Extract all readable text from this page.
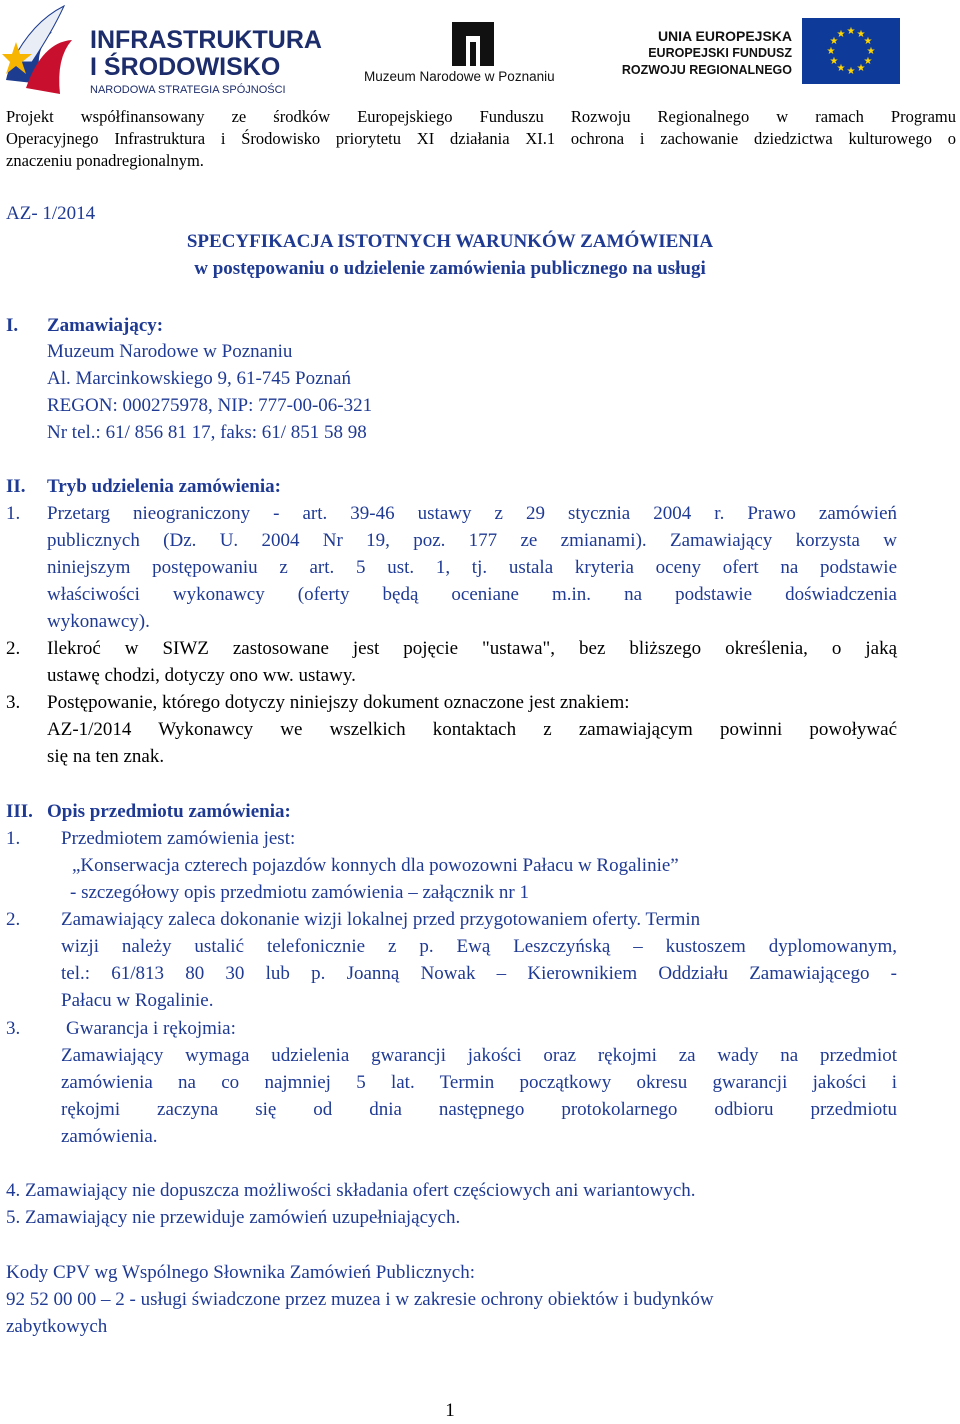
INFRASTRUKTURA
I ŚRODOWISKO
NARODOWA STRATEGIA SPÓJNOŚCI
Muzeum Narodowe w Poznaniu
UNIA EUROPEJSKA
EUROPEJSKI FUNDUSZ
ROZWOJU REGIONALNEGO
★ ★
★
★
★
★
★
★
★
★
★
★
Projekt współfinansowany ze środków Europejskiego Funduszu Rozwoju Regionalnego w ramach Programu
Operacyjnego Infrastruktura i Środowisko priorytetu XI działania XI.1 ochrona i zachowanie dziedzictwa kulturowego o
znaczeniu ponadregionalnym.
AZ- 1/2014
SPECYFIKACJA ISTOTNYCH WARUNKÓW ZAMÓWIENIA
w postępowaniu o udzielenie zamówienia publicznego na usługi
I. Zamawiający:
Muzeum Narodowe w Poznaniu
Al. Marcinkowskiego 9, 61-745 Poznań
REGON: 000275978, NIP: 777-00-06-321
Nr tel.: 61/ 856 81 17, faks: 61/ 851 58 98
II. Tryb udzielenia zamówienia:
1. Przetarg nieograniczony - art. 39-46 ustawy z 29 stycznia 2004 r. Prawo zamówień
publicznych (Dz. U. 2004 Nr 19, poz. 177 ze zmianami). Zamawiający korzysta w
niniejszym postępowaniu z art. 5 ust. 1, tj. ustala kryteria oceny ofert na podstawie
właściwości wykonawcy (oferty będą oceniane m.in. na podstawie doświadczenia
wykonawcy).
2. Ilekroć w SIWZ zastosowane jest pojęcie "ustawa", bez bliższego określenia, o jaką
ustawę chodzi, dotyczy ono ww. ustawy.
3. Postępowanie, którego dotyczy niniejszy dokument oznaczone jest znakiem:
AZ-1/2014 Wykonawcy we wszelkich kontaktach z zamawiającym powinni powoływać
się na ten znak.
III. Opis przedmiotu zamówienia:
1. Przedmiotem zamówienia jest:
„Konserwacja czterech pojazdów konnych dla powozowni Pałacu w Rogalinie”
- szczegółowy opis przedmiotu zamówienia – załącznik nr 1
2. Zamawiający zaleca dokonanie wizji lokalnej przed przygotowaniem oferty. Termin
wizji należy ustalić telefonicznie z p. Ewą Leszczyńską – kustoszem dyplomowanym,
tel.: 61/813 80 30 lub p. Joanną Nowak – Kierownikiem Oddziału Zamawiającego -
Pałacu w Rogalinie.
3. Gwarancja i rękojmia:
Zamawiający wymaga udzielenia gwarancji jakości oraz rękojmi za wady na przedmiot
zamówienia na co najmniej 5 lat. Termin początkowy okresu gwarancji jakości i
rękojmi zaczyna się od dnia następnego protokolarnego odbioru przedmiotu
zamówienia.
4. Zamawiający nie dopuszcza możliwości składania ofert częściowych ani wariantowych.
5. Zamawiający nie przewiduje zamówień uzupełniających.
Kody CPV wg Wspólnego Słownika Zamówień Publicznych:
92 52 00 00 – 2 - usługi świadczone przez muzea i w zakresie ochrony obiektów i budynków
zabytkowych
1
